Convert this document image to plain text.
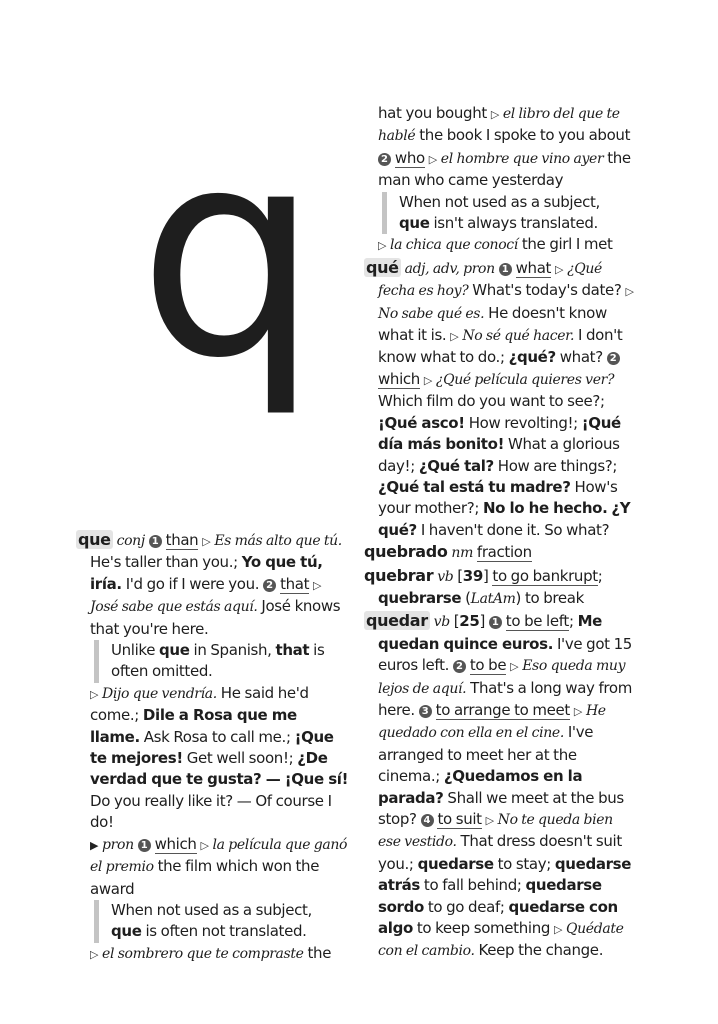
q
que conj 1 than ▷ Es más alto que tú. He's taller than you.; Yo que tú, iría. I'd go if I were you. 2 that ▷ José sabe que estás aquí. José knows that you're here.
Unlike que in Spanish, that is often omitted.
▷ Dijo que vendría. He said he'd come.; Dile a Rosa que me llame. Ask Rosa to call me.; ¡Que te mejores! Get well soon!; ¿De verdad que te gusta? — ¡Que sí! Do you really like it? — Of course I do!
▶ pron 1 which ▷ la película que ganó el premio the film which won the award
When not used as a subject,
que is often not translated.
▷ el sombrero que te compraste the
hat you bought ▷ el libro del que te hablé the book I spoke to you about 2 who ▷ el hombre que vino ayer the man who came yesterday
When not used as a subject,
que isn't always translated.
▷ la chica que conocí the girl I met
qué adj, adv, pron 1 what ▷ ¿Qué fecha es hoy? What's today's date? ▷ No sabe qué es. He doesn't know what it is. ▷ No sé qué hacer. I don't know what to do.; ¿qué? what? 2 which ▷ ¿Qué película quieres ver? Which film do you want to see?; ¡Qué asco! How revolting!; ¡Qué día más bonito! What a glorious day!; ¿Qué tal? How are things?; ¿Qué tal está tu madre? How's your mother?; No lo he hecho. ¿Y qué? I haven't done it. So what?
quebrado nm fraction
quebrar vb [39] to go bankrupt; quebrarse (LatAm) to break
quedar vb [25] 1 to be left; Me quedan quince euros. I've got 15 euros left. 2 to be ▷ Eso queda muy lejos de aquí. That's a long way from here. 3 to arrange to meet ▷ He quedado con ella en el cine. I've arranged to meet her at the cinema.; ¿Quedamos en la parada? Shall we meet at the bus stop? 4 to suit ▷ No te queda bien ese vestido. That dress doesn't suit you.; quedarse to stay; quedarse atrás to fall behind; quedarse sordo to go deaf; quedarse con algo to keep something ▷ Quédate con el cambio. Keep the change.
